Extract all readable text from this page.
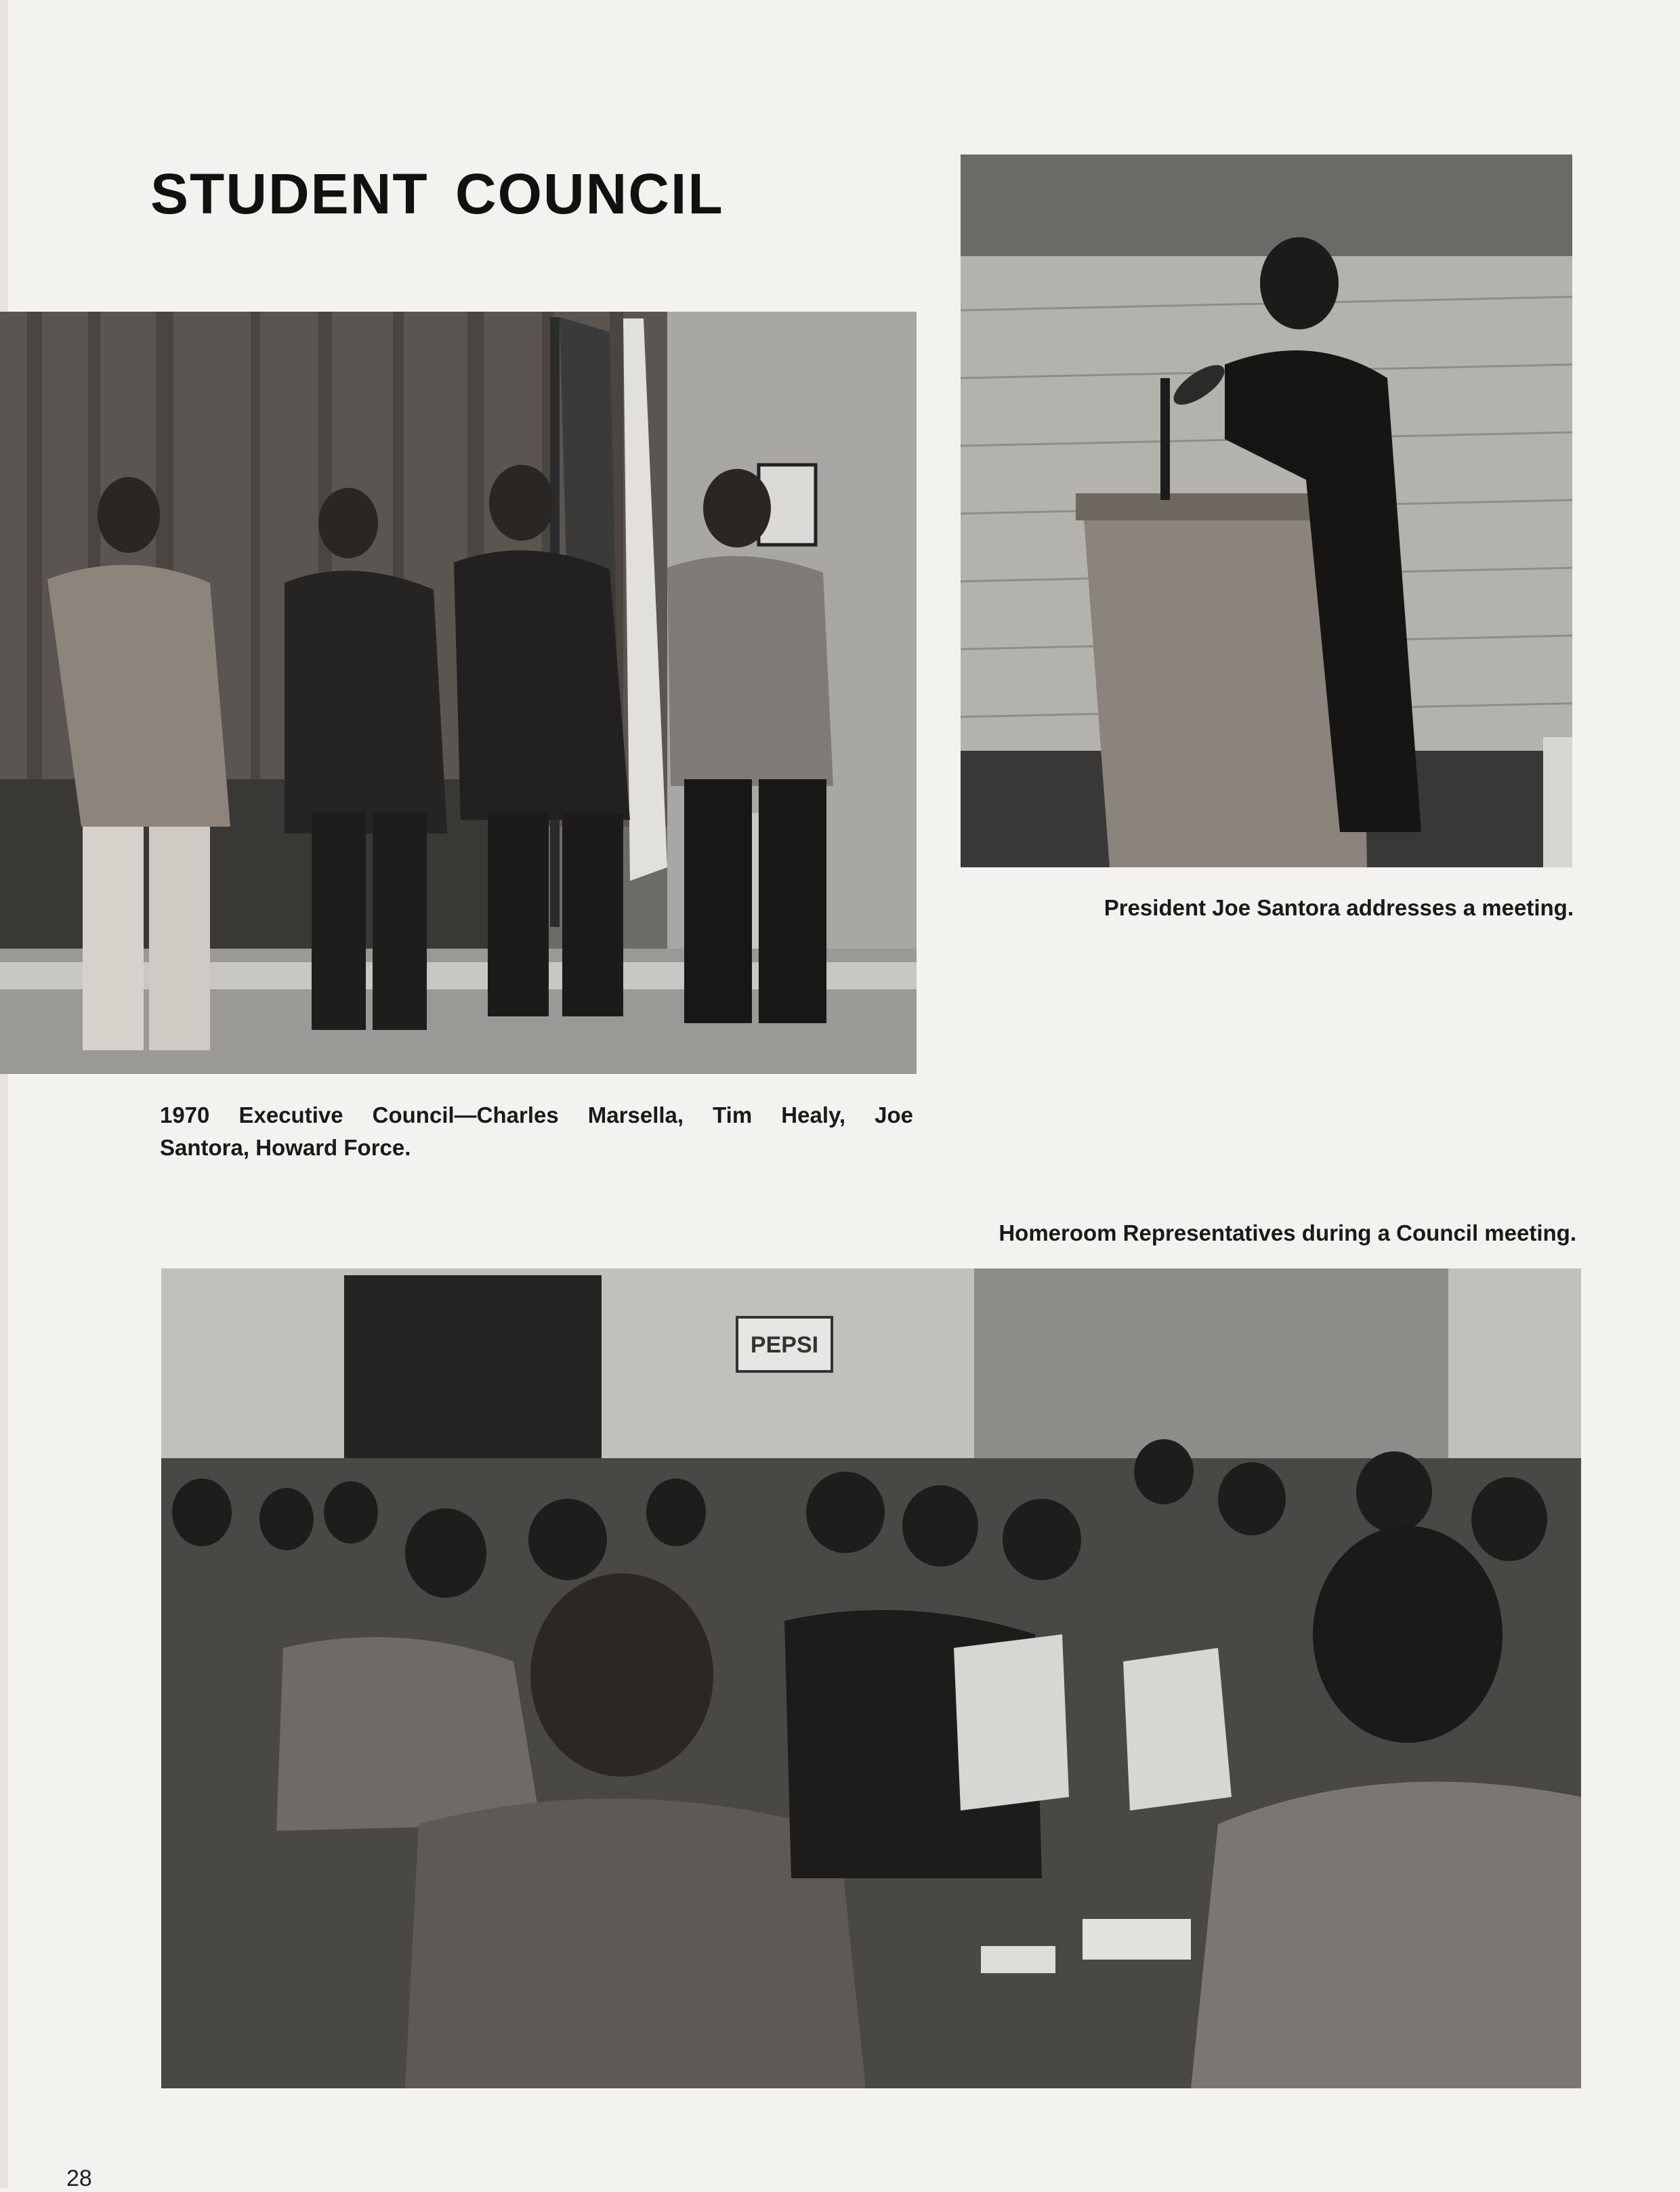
STUDENT COUNCIL
President Joe Santora addresses a meeting.
1970 Executive Council—Charles Marsella, Tim Healy, Joe
Santora, Howard Force.
Homeroom Representatives during a Council meeting.
PEPSI
28
